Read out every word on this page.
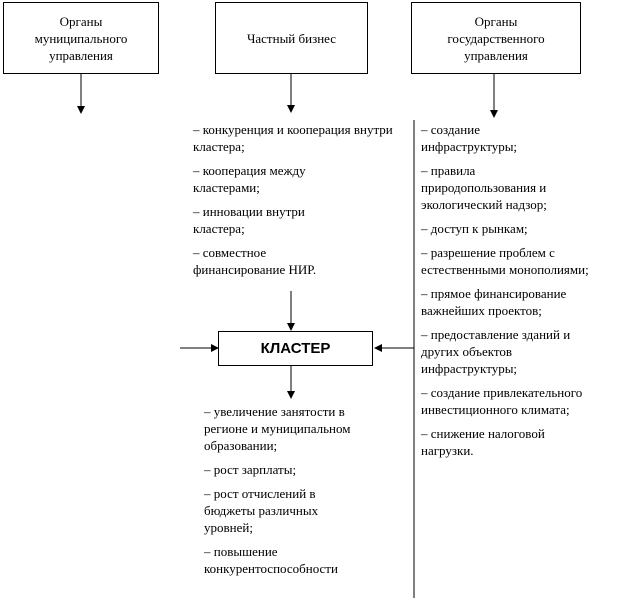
Органы муниципального управления
Частный бизнес
Органы государственного управления
КЛАСТЕР
– конкуренция и кооперация внутри кластера;
– кооперация между кластерами;
– инновации внутри кластера;
– совместное финансирование НИР.
– создание инфраструктуры;
– правила природопользования и экологический надзор;
– доступ к рынкам;
– разрешение проблем с естественными монополиями;
– прямое финансирование важнейших проектов;
– предоставление зданий и других объектов инфраструктуры;
– создание привлекательного инвестиционного климата;
– снижение налоговой нагрузки.
– увеличение занятости в регионе и муниципальном образовании;
– рост зарплаты;
– рост отчислений в бюджеты различных уровней;
– повышение конкурентоспособности
